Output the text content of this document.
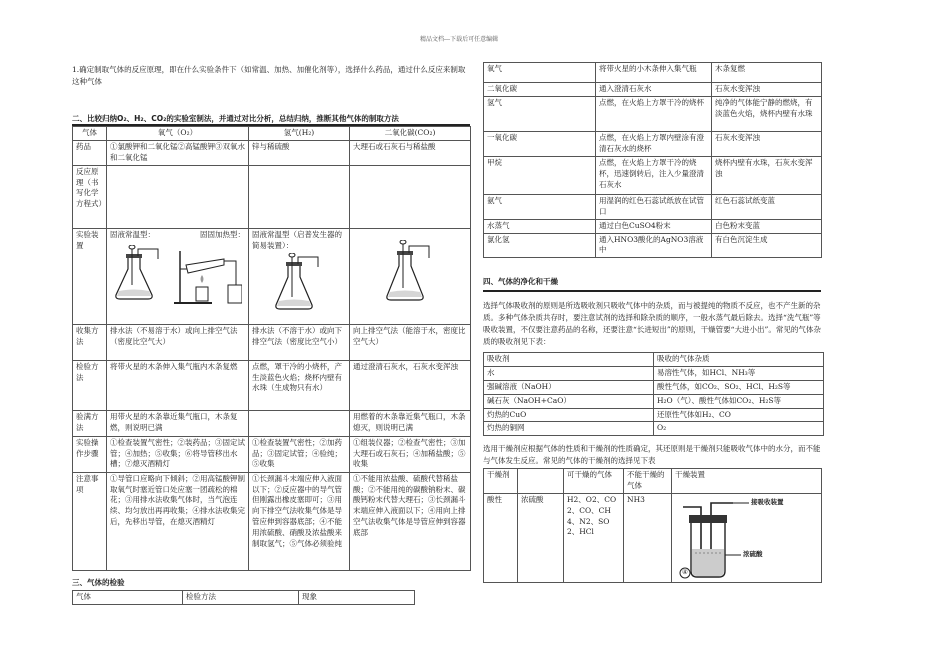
精品文档---下载后可任意编辑
1.确定制取气体的反应原理，即在什么实验条件下（如常温、加热、加催化剂等），选择什么药品，通过什么反应来制取这种气体
二、比较归纳O₂、H₂、CO₂的实验室制法，并通过对比分析，总结归纳，推断其他气体的制取方法
气体	氧气（O₂）	氢气(H₂)	二氧化碳(CO₂)
药品	①氯酸钾和二氧化锰②高锰酸钾③双氧水和二氧化锰	锌与稀硫酸	大理石或石灰石与稀盐酸
反应原理（书写化学方程式）			
实验装置	固液常温型： 固固加热型：	固液常温型（启普发生器的简易装置）：

收集方法	排水法（不易溶于水）或向上排空气法（密度比空气大）	排水法（不溶于水）或向下排空气法（密度比空气小）	向上排空气法（能溶于水，密度比空气大）
检验方法	将带火星的木条伸入集气瓶内木条复燃	点燃，罩干冷的小烧杯，产生淡蓝色火焰；烧杯内壁有水珠（生成物只有水）	通过澄清石灰水，石灰水变浑浊
验满方法	用带火星的木条靠近集气瓶口，木条复燃，则说明已满		用燃着的木条靠近集气瓶口，木条熄灭，则说明已满
实验操作步骤	①检查装置气密性；②装药品；③固定试管；④加热；⑤收集；⑥将导管移出水槽；⑦熄灭酒精灯	①检查装置气密性；②加药品；③固定试管；④验纯；⑤收集	①组装仪器；②检查气密性；③加大理石或石灰石；④加稀盐酸；⑤收集
注意事项	①导管口应略向下倾斜；②用高锰酸钾制取氧气时塞近管口处应塞一团疏松的棉花；③用排水法收集气体时，当气泡连续、均匀放出再再收集；④排水法收集完后，先移出导管，在熄灭酒精灯	①长颈漏斗末端应伸入液面以下；②反应器中的导气管但刚露出橡皮塞即可；③用向下排空气法收集气体是导管应伸到容器底部；④不能用浓硫酸、硝酸及浓盐酸来制取氢气；⑤气体必须验纯	①不能用浓盐酸、硫酸代替稀盐酸；②不能用纯的碳酸钠粉末、碳酸钙粉末代替大理石；③长颈漏斗末端应伸入液面以下；④用向上排空气法收集气体是导管应伸到容器底部
三、气体的检验
气体	检验方法	现象
氧气	将带火星的小木条伸入集气瓶	木条复燃
二氧化碳	通入澄清石灰水	石灰水变浑浊
氢气	点燃，在火焰上方罩干冷的烧杯	纯净的气体能宁静的燃烧，有淡蓝色火焰，烧杯内壁有水珠
一氧化碳	点燃，在火焰上方罩内壁涂有澄清石灰水的烧杯	石灰水变浑浊
甲烷	点燃，在火焰上方罩干冷的烧杯，迅速倒转后，注入少量澄清石灰水	烧杯内壁有水珠，石灰水变浑浊
氨气	用湿润的红色石蕊试纸放在试管口	红色石蕊试纸变蓝
水蒸气	通过白色CuSO4粉末	白色粉末变蓝
氯化氢	通入HNO3酸化的AgNO3溶液中	有白色沉淀生成
四、气体的净化和干燥
选择气体吸收剂的原则是所选吸收剂只吸收气体中的杂质，而与被提纯的物质不反应，也不产生新的杂质。多种气体杂质共存时，要注意试剂的选择和除杂质的顺序，一般水蒸气最后除去。选择“洗气瓶”等吸收装置，不仅要注意药品的名称，还要注意“长进短出”的原则，干燥管要“大进小出”。常见的气体杂质的吸收剂见下表：
吸收剂	吸收的气体杂质
水	易溶性气体，如HCl、NH₃等
强碱溶液（NaOH）	酸性气体，如CO₂、SO₂、HCl、H₂S等
碱石灰（NaOH+CaO）	H₂O（气）、酸性气体如CO₂、H₂S等
灼热的CuO	还原性气体如H₂、CO
灼热的铜网	O₂
选用干燥剂应根据气体的性质和干燥剂的性质确定，其还原则是干燥剂只能吸收气体中的水分，而不能与气体发生反应。常见的气体的干燥剂的选择见下表
干燥剂		可干燥的气体	不能干燥的气体	干燥装置
酸性	浓硫酸	H2、O2、CO2、CO、CH4、N2、SO2、HCl	NH3	接吸收装置
浓硫酸
④
